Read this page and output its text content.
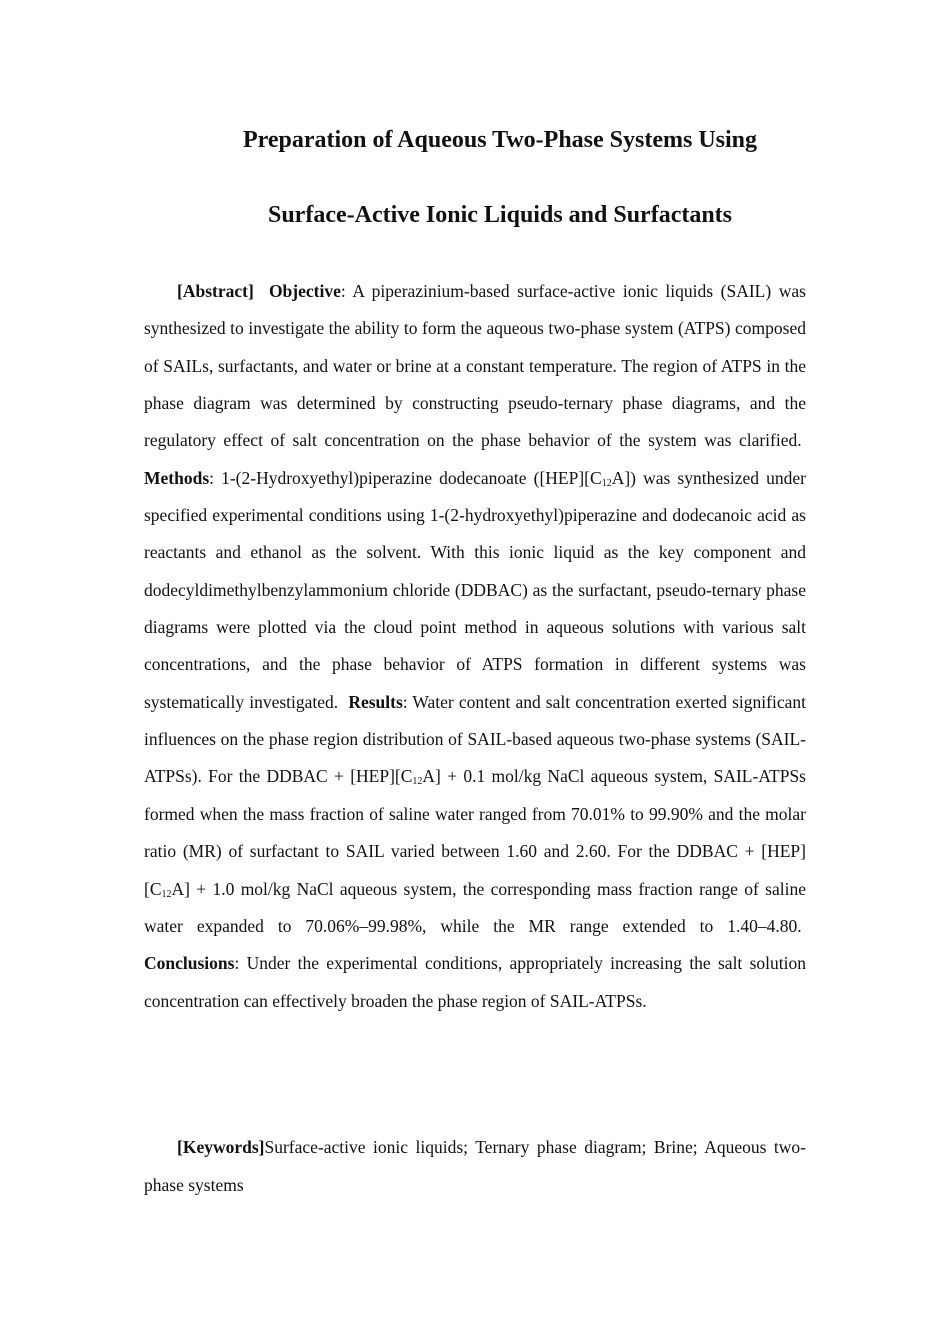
Preparation of Aqueous Two-Phase Systems Using
Surface-Active Ionic Liquids and Surfactants

[Abstract] Objective: A piperazinium-based surface-active ionic liquids (SAIL) was synthesized to investigate the ability to form the aqueous two-phase system (ATPS) composed of SAILs, surfactants, and water or brine at a constant temperature. The region of ATPS in the phase diagram was determined by constructing pseudo-ternary phase diagrams, and the regulatory effect of salt concentration on the phase behavior of the system was clarified.  Methods: 1-(2-Hydroxyethyl)piperazine dodecanoate $([HEP][C_{12}A])$ was synthesized under specified experimental conditions using 1-(2-hydroxyethyl)piperazine and dodecanoic acid as reactants and ethanol as the solvent. With this ionic liquid as the key component and dodecyldimethylbenzylammonium chloride (DDBAC) as the surfactant, pseudo-ternary phase diagrams were plotted via the cloud point method in aqueous solutions with various salt concentrations, and the phase behavior of ATPS formation in different systems was systematically investigated. Results: Water content and salt concentration exerted significant influences on the phase region distribution of SAIL-based aqueous two-phase systems (SAIL-ATPSs). For the DDBAC + $[HEP][C_{12}A] + 0.1$ mol/kg NaCl aqueous system, SAIL-ATPSs formed when the mass fraction of saline water ranged from 70.01% to 99.90% and the molar ratio (MR) of surfactant to SAIL varied between 1.60 and 2.60. For the DDBAC + $[HEP][C_{12}A] + 1.0$ mol/kg NaCl aqueous system, the corresponding mass fraction range of saline water expanded to 70.06%–99.98%, while the MR range extended to 1.40–4.80.  Conclusions: Under the experimental conditions, appropriately increasing the salt solution concentration can effectively broaden the phase region of SAIL-ATPSs.

[Keywords]Surface-active ionic liquids; Ternary phase diagram; Brine; Aqueous two-phase systems
